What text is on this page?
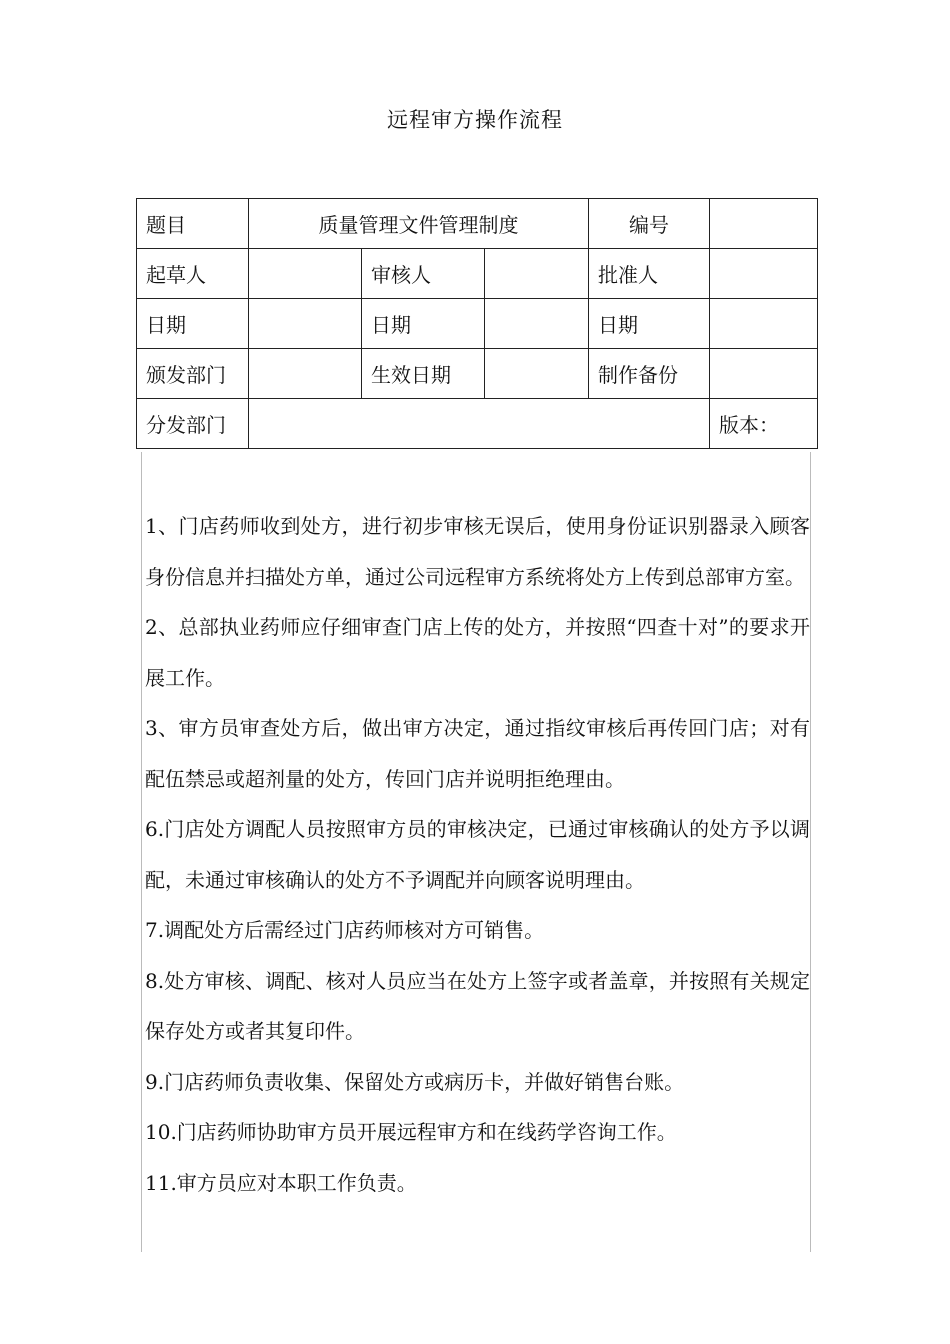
远程审方操作流程
题目	质量管理文件管理制度			编号	
起草人		审核人		批准人	
日期		日期		日期	
颁发部门		生效日期		制作备份	
分发部门					版本：

1、门店药师收到处方，进行初步审核无误后，使用身份证识别器录入顾客身份信息并扫描处方单，通过公司远程审方系统将处方上传到总部审方室。

2、总部执业药师应仔细审查门店上传的处方，并按照“四查十对”的要求开展工作。

3、审方员审查处方后，做出审方决定，通过指纹审核后再传回门店；对有配伍禁忌或超剂量的处方，传回门店并说明拒绝理由。

6.门店处方调配人员按照审方员的审核决定，已通过审核确认的处方予以调配，未通过审核确认的处方不予调配并向顾客说明理由。

7.调配处方后需经过门店药师核对方可销售。

8.处方审核、调配、核对人员应当在处方上签字或者盖章，并按照有关规定保存处方或者其复印件。

9.门店药师负责收集、保留处方或病历卡，并做好销售台账。

10.门店药师协助审方员开展远程审方和在线药学咨询工作。

11.审方员应对本职工作负责。
